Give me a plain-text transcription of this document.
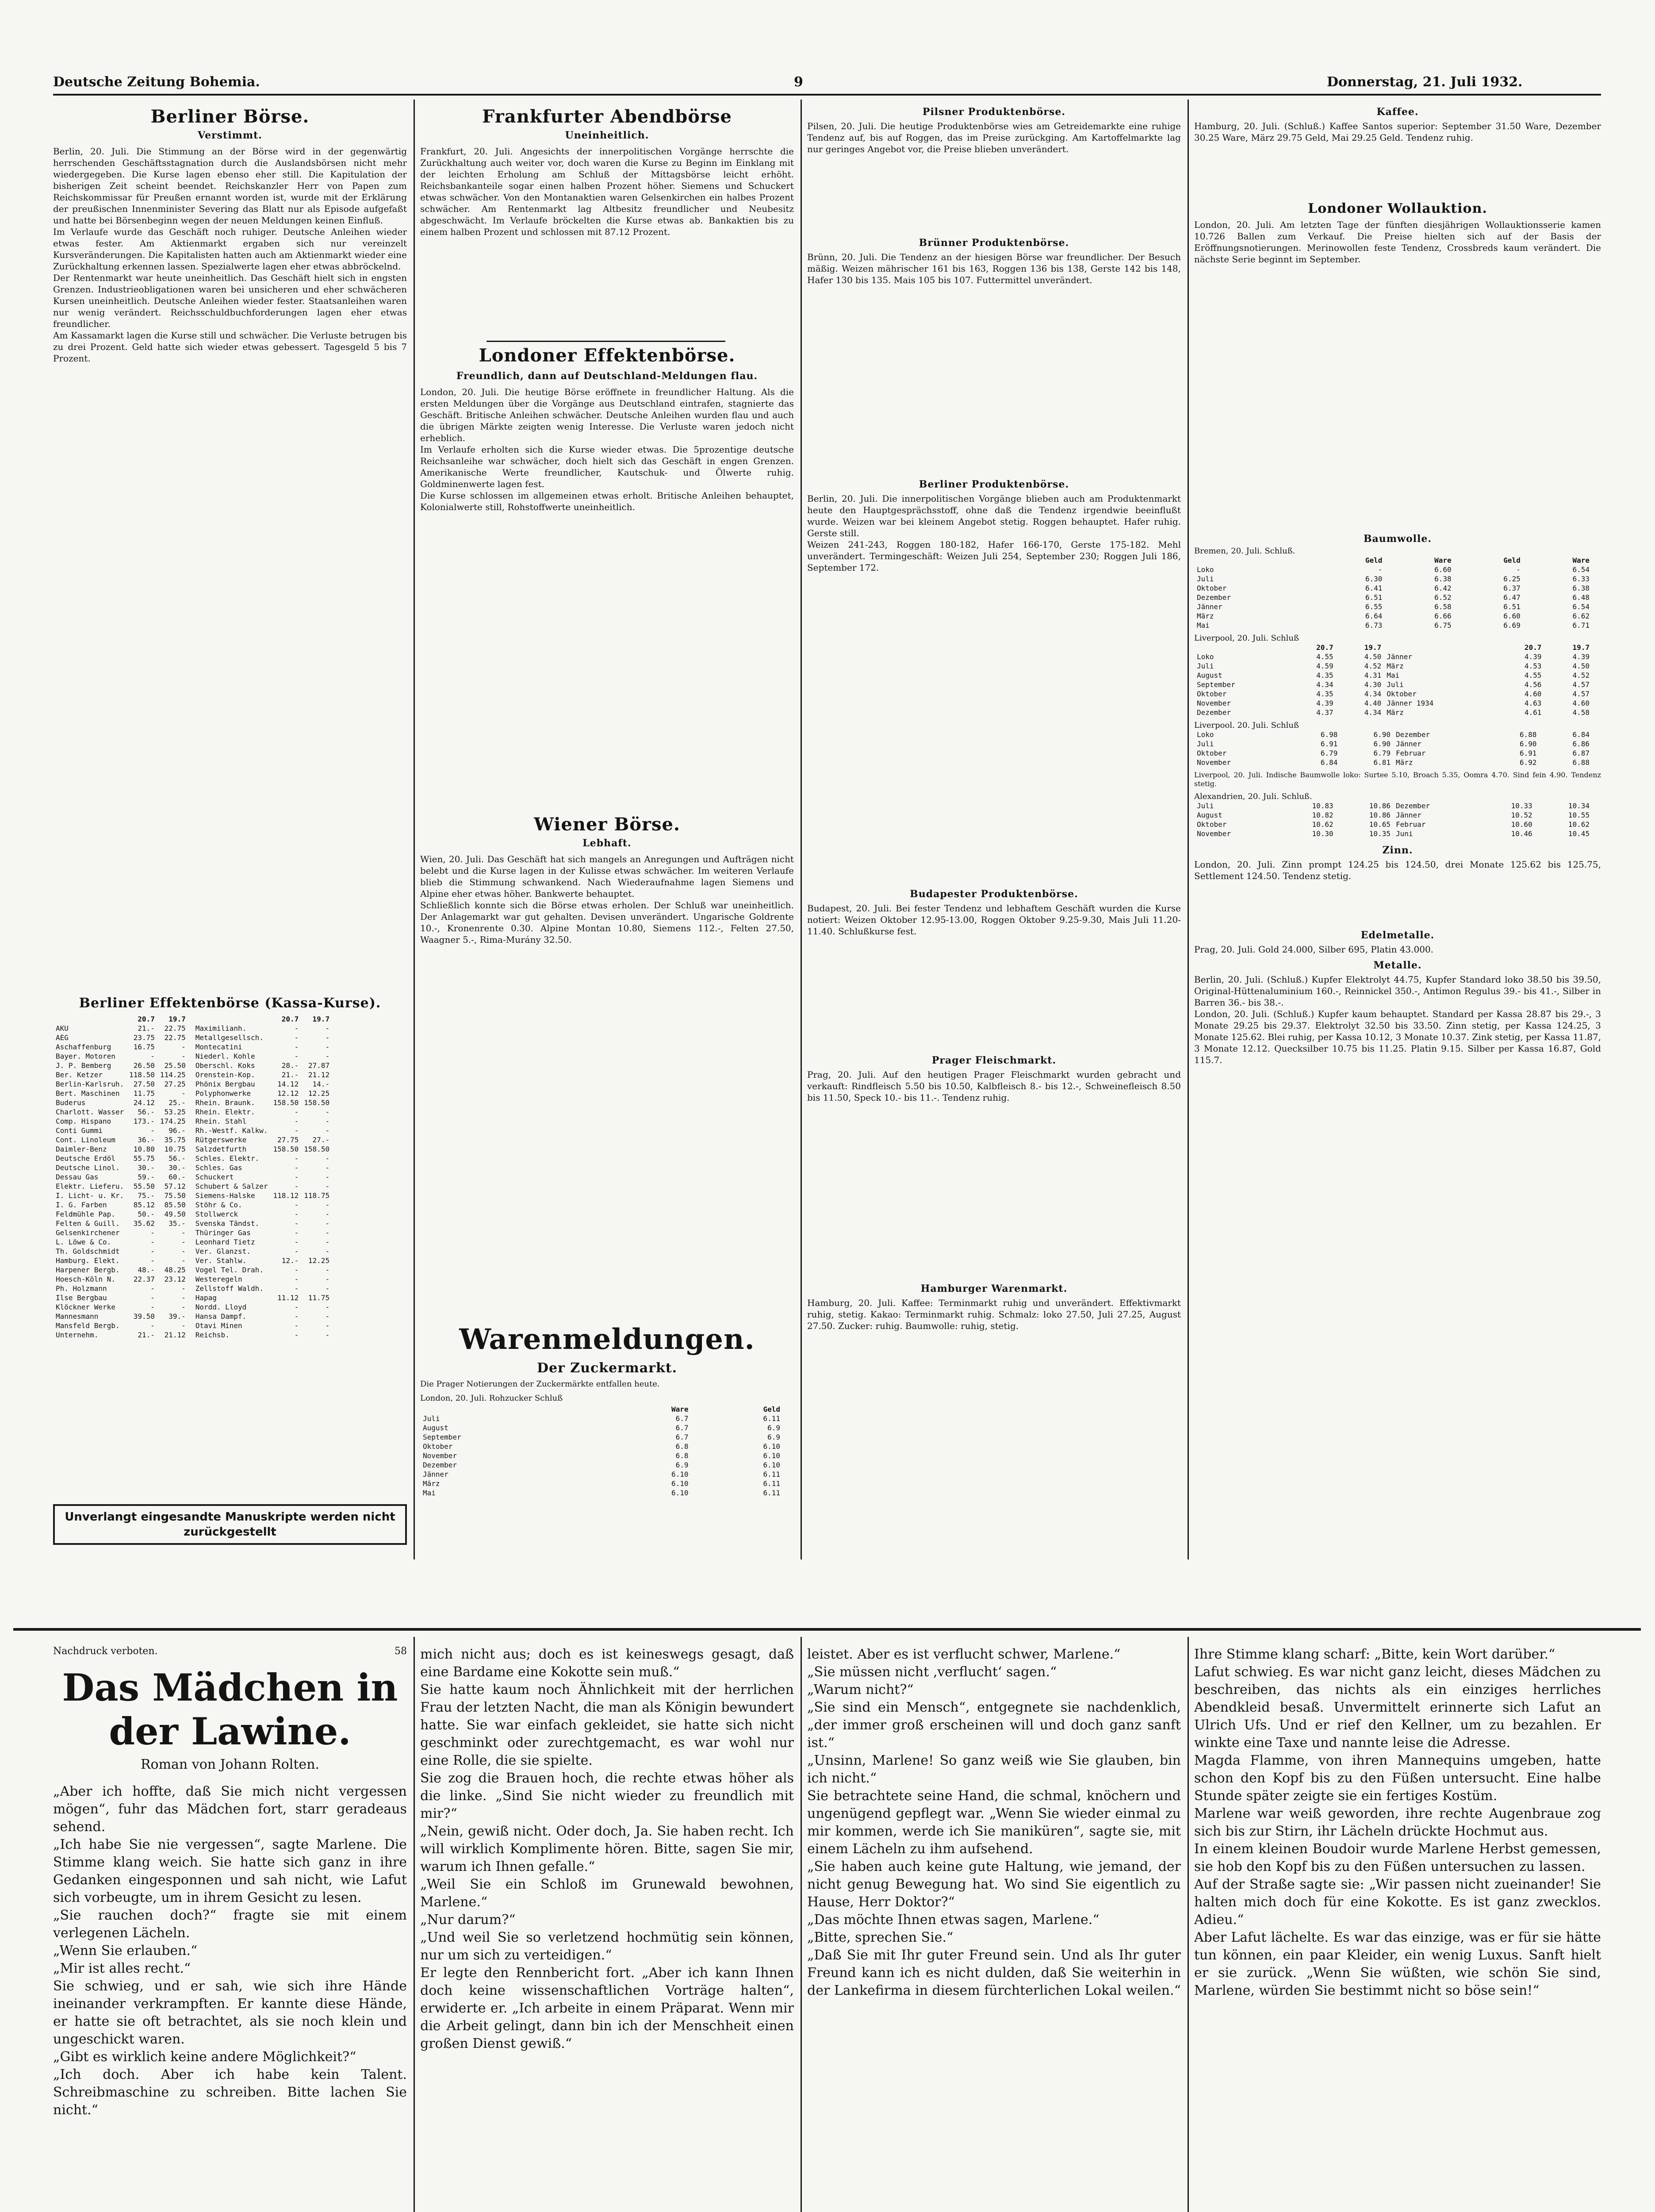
Deutsche Zeitung Bohemia.	9	Donnerstag, 21. Juli 1932.
Berliner Börse.
Verstimmt.
Berlin, 20. Juli. Die Stimmung an der Börse wird in der gegenwärtig herrschenden Geschäftsstagnation durch die Auslandsbörsen nicht mehr wiedergegeben. Die Kurse lagen ebenso eher still. Die Kapitulation der bisherigen Zeit scheint beendet. Reichskanzler Herr von Papen zum Reichskommissar für Preußen ernannt worden ist, wurde mit der Erklärung der preußischen Innenminister Severing das Blatt nur als Episode aufgefaßt und hatte bei Börsenbeginn wegen der neuen Meldungen keinen Einfluß.
Im Verlaufe wurde das Geschäft noch ruhiger. Deutsche Anleihen wieder etwas fester. Am Aktienmarkt ergaben sich nur vereinzelt Kursveränderungen. Die Kapitalisten hatten auch am Aktienmarkt wieder eine Zurückhaltung erkennen lassen. Spezialwerte lagen eher etwas abbröckelnd.
Der Rentenmarkt war heute uneinheitlich. Das Geschäft hielt sich in engsten Grenzen. Industrieobligationen waren bei unsicheren und eher schwächeren Kursen uneinheitlich. Deutsche Anleihen wieder fester. Staatsanleihen waren nur wenig verändert. Reichsschuldbuchforderungen lagen eher etwas freundlicher.
Am Kassamarkt lagen die Kurse still und schwächer. Die Verluste betrugen bis zu drei Prozent. Geld hatte sich wieder etwas gebessert. Tagesgeld 5 bis 7 Prozent.
Berliner Effektenbörse (Kassa-Kurse).
	20.7	19.7
AKU	21.-	22.75
AEG	23.75	22.75
Aschaffenburg	16.75	-
Bayer. Motoren	-	-
J. P. Bemberg	26.50	25.50
Ber. Ketzer	118.50	114.25
Berlin-Karlsruh.	27.50	27.25
Bert. Maschinen	11.75	-
Buderus	24.12	25.-
Charlott. Wasser	56.-	53.25
Comp. Hispano	173.-	174.25
Conti Gummi	-	96.-
Cont. Linoleum	36.-	35.75
Daimler-Benz	10.80	10.75
Deutsche Erdöl	55.75	56.-
Deutsche Linol.	30.-	30.-
Dessau Gas	59.-	60.-
Elektr. Lieferu.	55.50	57.12
I. Licht- u. Kr.	75.-	75.50
I. G. Farben	85.12	85.50
Feldmühle Pap.	50.-	49.50
Felten & Guill.	35.62	35.-
Gelsenkirchener	-	-
L. Löwe & Co.	-	-
Th. Goldschmidt	-	-
Hamburg. Elekt.	-	-
Harpener Bergb.	48.-	48.25
Hoesch-Köln N.	22.37	23.12
Ph. Holzmann	-	-
Ilse Bergbau	-	-
Klöckner Werke	-	-
Mannesmann	39.50	39.-
Mansfeld Bergb.	-	-
Unternehm.	21.-	21.12
	20.7	19.7
Maximilianh.	-	-
Metallgesellsch.	-	-
Montecatini	-	-
Niederl. Kohle	-	-
Oberschl. Koks	28.-	27.87
Orenstein-Kop.	21.-	21.12
Phönix Bergbau	14.12	14.-
Polyphonwerke	12.12	12.25
Rhein. Braunk.	158.50	158.50
Rhein. Elektr.	-	-
Rhein. Stahl	-	-
Rh.-Westf. Kalkw.	-	-
Rütgerswerke	27.75	27.-
Salzdetfurth	158.50	158.50
Schles. Elektr.	-	-
Schles. Gas	-	-
Schuckert	-	-
Schubert & Salzer	-	-
Siemens-Halske	118.12	118.75
Stöhr & Co.	-	-
Stollwerck	-	-
Svenska Tändst.	-	-
Thüringer Gas	-	-
Leonhard Tietz	-	-
Ver. Glanzst.	-	-
Ver. Stahlw.	12.-	12.25
Vogel Tel. Drah.	-	-
Westeregeln	-	-
Zellstoff Waldh.	-	-
Hapag	11.12	11.75
Nordd. Lloyd	-	-
Hansa Dampf.	-	-
Otavi Minen	-	-
Reichsb.	-	-
Unverlangt eingesandte Manuskripte werden nicht zurückgestellt
Frankfurter Abendbörse
Uneinheitlich.
Frankfurt, 20. Juli. Angesichts der innerpolitischen Vorgänge herrschte die Zurückhaltung auch weiter vor, doch waren die Kurse zu Beginn im Einklang mit der leichten Erholung am Schluß der Mittagsbörse leicht erhöht. Reichsbankanteile sogar einen halben Prozent höher. Siemens und Schuckert etwas schwächer. Von den Montanaktien waren Gelsenkirchen ein halbes Prozent schwächer. Am Rentenmarkt lag Altbesitz freundlicher und Neubesitz abgeschwächt. Im Verlaufe bröckelten die Kurse etwas ab. Bankaktien bis zu einem halben Prozent und schlossen mit 87.12 Prozent.
Londoner Effektenbörse.
Freundlich, dann auf Deutschland-Meldungen flau.
London, 20. Juli. Die heutige Börse eröffnete in freundlicher Haltung. Als die ersten Meldungen über die Vorgänge aus Deutschland eintrafen, stagnierte das Geschäft. Britische Anleihen schwächer. Deutsche Anleihen wurden flau und auch die übrigen Märkte zeigten wenig Interesse. Die Verluste waren jedoch nicht erheblich.
Im Verlaufe erholten sich die Kurse wieder etwas. Die 5prozentige deutsche Reichsanleihe war schwächer, doch hielt sich das Geschäft in engen Grenzen. Amerikanische Werte freundlicher, Kautschuk- und Ölwerte ruhig. Goldminenwerte lagen fest.
Die Kurse schlossen im allgemeinen etwas erholt. Britische Anleihen behauptet, Kolonialwerte still, Rohstoffwerte uneinheitlich.
Wiener Börse.
Lebhaft.
Wien, 20. Juli. Das Geschäft hat sich mangels an Anregungen und Aufträgen nicht belebt und die Kurse lagen in der Kulisse etwas schwächer. Im weiteren Verlaufe blieb die Stimmung schwankend. Nach Wiederaufnahme lagen Siemens und Alpine eher etwas höher. Bankwerte behauptet.
Schließlich konnte sich die Börse etwas erholen. Der Schluß war uneinheitlich. Der Anlagemarkt war gut gehalten. Devisen unverändert. Ungarische Goldrente 10.-, Kronenrente 0.30. Alpine Montan 10.80, Siemens 112.-, Felten 27.50, Waagner 5.-, Rima-Murány 32.50.
Warenmeldungen.
Der Zuckermarkt.
Die Prager Notierungen der Zuckermärkte entfallen heute.
London, 20. Juli. Rohzucker Schluß
	Ware	Geld
Juli	6.7	6.11
August	6.7	6.9
September	6.7	6.9
Oktober	6.8	6.10
November	6.8	6.10
Dezember	6.9	6.10
Jänner	6.10	6.11
März	6.10	6.11
Mai	6.10	6.11
Pilsner Produktenbörse.
Pilsen, 20. Juli. Die heutige Produktenbörse wies am Getreidemarkte eine ruhige Tendenz auf, bis auf Roggen, das im Preise zurückging. Am Kartoffelmarkte lag nur geringes Angebot vor, die Preise blieben unverändert.
Brünner Produktenbörse.
Brünn, 20. Juli. Die Tendenz an der hiesigen Börse war freundlicher. Der Besuch mäßig. Weizen mährischer 161 bis 163, Roggen 136 bis 138, Gerste 142 bis 148, Hafer 130 bis 135. Mais 105 bis 107. Futtermittel unverändert.
Berliner Produktenbörse.
Berlin, 20. Juli. Die innerpolitischen Vorgänge blieben auch am Produktenmarkt heute den Hauptgesprächsstoff, ohne daß die Tendenz irgendwie beeinflußt wurde. Weizen war bei kleinem Angebot stetig. Roggen behauptet. Hafer ruhig. Gerste still.
Weizen 241-243, Roggen 180-182, Hafer 166-170, Gerste 175-182. Mehl unverändert. Termingeschäft: Weizen Juli 254, September 230; Roggen Juli 186, September 172.
Budapester Produktenbörse.
Budapest, 20. Juli. Bei fester Tendenz und lebhaftem Geschäft wurden die Kurse notiert: Weizen Oktober 12.95-13.00, Roggen Oktober 9.25-9.30, Mais Juli 11.20-11.40. Schlußkurse fest.
Prager Fleischmarkt.
Prag, 20. Juli. Auf den heutigen Prager Fleischmarkt wurden gebracht und verkauft: Rindfleisch 5.50 bis 10.50, Kalbfleisch 8.- bis 12.-, Schweinefleisch 8.50 bis 11.50, Speck 10.- bis 11.-. Tendenz ruhig.
Hamburger Warenmarkt.
Hamburg, 20. Juli. Kaffee: Terminmarkt ruhig und unverändert. Effektivmarkt ruhig, stetig. Kakao: Terminmarkt ruhig. Schmalz: loko 27.50, Juli 27.25, August 27.50. Zucker: ruhig. Baumwolle: ruhig, stetig.
Kaffee.
Hamburg, 20. Juli. (Schluß.) Kaffee Santos superior: September 31.50 Ware, Dezember 30.25 Ware, März 29.75 Geld, Mai 29.25 Geld. Tendenz ruhig.
Londoner Wollauktion.
London, 20. Juli. Am letzten Tage der fünften diesjährigen Wollauktionsserie kamen 10.726 Ballen zum Verkauf. Die Preise hielten sich auf der Basis der Eröffnungsnotierungen. Merinowollen feste Tendenz, Crossbreds kaum verändert. Die nächste Serie beginnt im September.
Baumwolle.
Bremen, 20. Juli. Schluß.
	Geld	Ware	Geld	Ware
Loko	-	6.60	-	6.54
Juli	6.30	6.38	6.25	6.33
Oktober	6.41	6.42	6.37	6.38
Dezember	6.51	6.52	6.47	6.48
Jänner	6.55	6.58	6.51	6.54
März	6.64	6.66	6.60	6.62
Mai	6.73	6.75	6.69	6.71
Liverpool, 20. Juli. Schluß
	20.7	19.7		20.7	19.7
Loko	4.55	4.50	Jänner	4.39	4.39
Juli	4.59	4.52	März	4.53	4.50
August	4.35	4.31	Mai	4.55	4.52
September	4.34	4.30	Juli	4.56	4.57
Oktober	4.35	4.34	Oktober	4.60	4.57
November	4.39	4.40	Jänner 1934	4.63	4.60
Dezember	4.37	4.34	März	4.61	4.58
Liverpool. 20. Juli. Schluß
Loko	6.98	6.90	Dezember	6.88	6.84
Juli	6.91	6.90	Jänner	6.90	6.86
Oktober	6.79	6.79	Februar	6.91	6.87
November	6.84	6.81	März	6.92	6.88
Liverpool, 20. Juli. Indische Baumwolle loko: Surtee 5.10, Broach 5.35, Oomra 4.70. Sind fein 4.90. Tendenz stetig.
Alexandrien, 20. Juli. Schluß.
Juli	10.83	10.86	Dezember	10.33	10.34
August	10.82	10.86	Jänner	10.52	10.55
Oktober	10.62	10.65	Februar	10.60	10.62
November	10.30	10.35	Juni	10.46	10.45
Zinn.
London, 20. Juli. Zinn prompt 124.25 bis 124.50, drei Monate 125.62 bis 125.75, Settlement 124.50. Tendenz stetig.
Edelmetalle.
Prag, 20. Juli. Gold 24.000, Silber 695, Platin 43.000.
Metalle.
Berlin, 20. Juli. (Schluß.) Kupfer Elektrolyt 44.75, Kupfer Standard loko 38.50 bis 39.50, Original-Hüttenaluminium 160.-, Reinnickel 350.-, Antimon Regulus 39.- bis 41.-, Silber in Barren 36.- bis 38.-.
London, 20. Juli. (Schluß.) Kupfer kaum behauptet. Standard per Kassa 28.87 bis 29.-, 3 Monate 29.25 bis 29.37. Elektrolyt 32.50 bis 33.50. Zinn stetig, per Kassa 124.25, 3 Monate 125.62. Blei ruhig, per Kassa 10.12, 3 Monate 10.37. Zink stetig, per Kassa 11.87, 3 Monate 12.12. Quecksilber 10.75 bis 11.25. Platin 9.15. Silber per Kassa 16.87, Gold 115.7.
Nachdruck verboten.	58
Das Mädchen in der Lawine.
Roman von Johann Rolten.
„Aber ich hoffte, daß Sie mich nicht vergessen mögen“, fuhr das Mädchen fort, starr geradeaus sehend.
„Ich habe Sie nie vergessen“, sagte Marlene. Die Stimme klang weich. Sie hatte sich ganz in ihre Gedanken eingesponnen und sah nicht, wie Lafut sich vorbeugte, um in ihrem Gesicht zu lesen.
„Sie rauchen doch?“ fragte sie mit einem verlegenen Lächeln.
„Wenn Sie erlauben.“
„Mir ist alles recht.“
Sie schwieg, und er sah, wie sich ihre Hände ineinander verkrampften. Er kannte diese Hände, er hatte sie oft betrachtet, als sie noch klein und ungeschickt waren.
„Gibt es wirklich keine andere Möglichkeit?“
„Ich doch. Aber ich habe kein Talent. Schreibmaschine zu schreiben. Bitte lachen Sie nicht.“
mich nicht aus; doch es ist keineswegs gesagt, daß eine Bardame eine Kokotte sein muß.“
Sie hatte kaum noch Ähnlichkeit mit der herrlichen Frau der letzten Nacht, die man als Königin bewundert hatte. Sie war einfach gekleidet, sie hatte sich nicht geschminkt oder zurechtgemacht, es war wohl nur eine Rolle, die sie spielte.
Sie zog die Brauen hoch, die rechte etwas höher als die linke. „Sind Sie nicht wieder zu freundlich mit mir?“
„Nein, gewiß nicht. Oder doch, Ja. Sie haben recht. Ich will wirklich Komplimente hören. Bitte, sagen Sie mir, warum ich Ihnen gefalle.“
„Weil Sie ein Schloß im Grunewald bewohnen, Marlene.“
„Nur darum?“
„Und weil Sie so verletzend hochmütig sein können, nur um sich zu verteidigen.“
Er legte den Rennbericht fort. „Aber ich kann Ihnen doch keine wissenschaftlichen Vorträge halten“, erwiderte er. „Ich arbeite in einem Präparat. Wenn mir die Arbeit gelingt, dann bin ich der Menschheit einen großen Dienst gewiß.“
leistet. Aber es ist verflucht schwer, Marlene.“
„Sie müssen nicht ‚verflucht‘ sagen.“
„Warum nicht?“
„Sie sind ein Mensch“, entgegnete sie nachdenklich, „der immer groß erscheinen will und doch ganz sanft ist.“
„Unsinn, Marlene! So ganz weiß wie Sie glauben, bin ich nicht.“
Sie betrachtete seine Hand, die schmal, knöchern und ungenügend gepflegt war. „Wenn Sie wieder einmal zu mir kommen, werde ich Sie maniküren“, sagte sie, mit einem Lächeln zu ihm aufsehend.
„Sie haben auch keine gute Haltung, wie jemand, der nicht genug Bewegung hat. Wo sind Sie eigentlich zu Hause, Herr Doktor?“
„Das möchte Ihnen etwas sagen, Marlene.“
„Bitte, sprechen Sie.“
„Daß Sie mit Ihr guter Freund sein. Und als Ihr guter Freund kann ich es nicht dulden, daß Sie weiterhin in der Lankefirma in diesem fürchterlichen Lokal weilen.“
Ihre Stimme klang scharf: „Bitte, kein Wort darüber.“
Lafut schwieg. Es war nicht ganz leicht, dieses Mädchen zu beschreiben, das nichts als ein einziges herrliches Abendkleid besaß. Unvermittelt erinnerte sich Lafut an Ulrich Ufs. Und er rief den Kellner, um zu bezahlen. Er winkte eine Taxe und nannte leise die Adresse.
Magda Flamme, von ihren Mannequins umgeben, hatte schon den Kopf bis zu den Füßen untersucht. Eine halbe Stunde später zeigte sie ein fertiges Kostüm.
Marlene war weiß geworden, ihre rechte Augenbraue zog sich bis zur Stirn, ihr Lächeln drückte Hochmut aus.
In einem kleinen Boudoir wurde Marlene Herbst gemessen, sie hob den Kopf bis zu den Füßen untersuchen zu lassen.
Auf der Straße sagte sie: „Wir passen nicht zueinander! Sie halten mich doch für eine Kokotte. Es ist ganz zwecklos. Adieu.“
Aber Lafut lächelte. Es war das einzige, was er für sie hätte tun können, ein paar Kleider, ein wenig Luxus. Sanft hielt er sie zurück. „Wenn Sie wüßten, wie schön Sie sind, Marlene, würden Sie bestimmt nicht so böse sein!“
